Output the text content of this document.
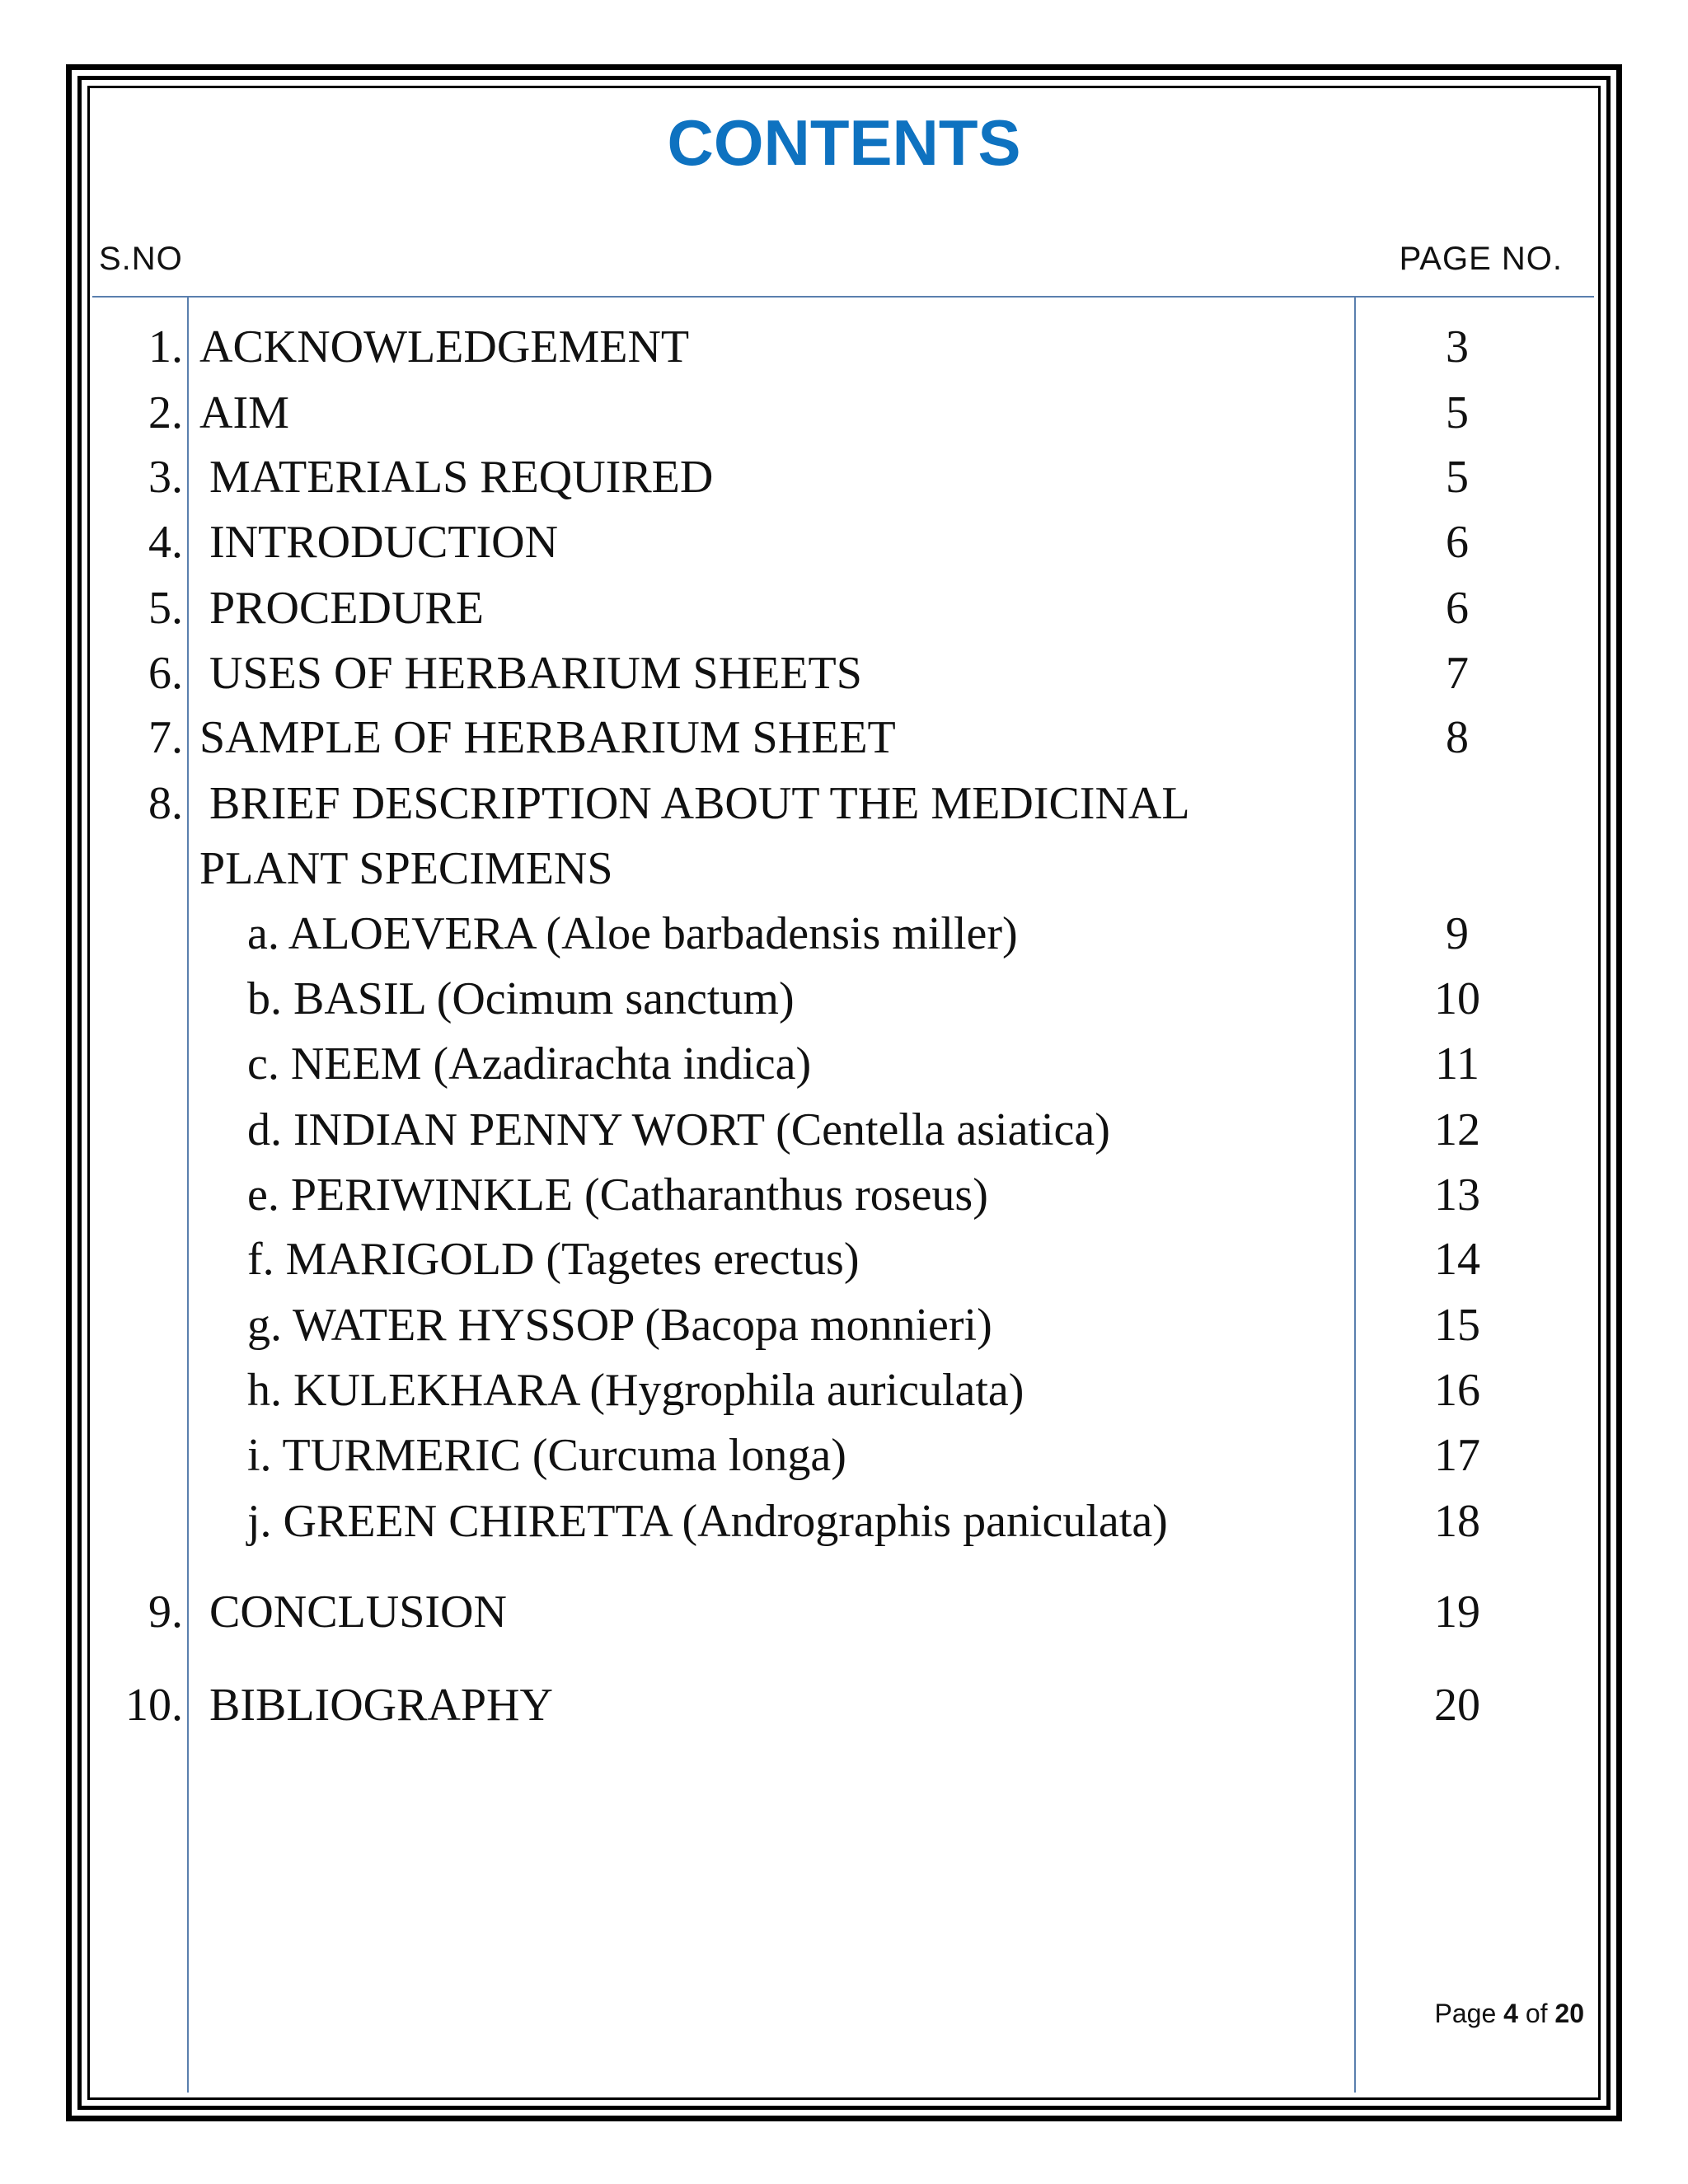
CONTENTS
S.NO	PAGE NO.
1. ACKNOWLEDGEMENT	3
2. AIM	5
3. MATERIALS REQUIRED	5
4. INTRODUCTION	6
5. PROCEDURE	6
6. USES OF HERBARIUM SHEETS	7
7. SAMPLE OF HERBARIUM SHEET	8
8. BRIEF DESCRIPTION ABOUT THE MEDICINAL
PLANT SPECIMENS
a. ALOEVERA (Aloe barbadensis miller)	9
b. BASIL (Ocimum sanctum)	10
c. NEEM (Azadirachta indica)	11
d. INDIAN PENNY WORT (Centella asiatica)	12
e. PERIWINKLE (Catharanthus roseus)	13
f. MARIGOLD (Tagetes erectus)	14
g. WATER HYSSOP (Bacopa monnieri)	15
h. KULEKHARA (Hygrophila auriculata)	16
i. TURMERIC (Curcuma longa)	17
j. GREEN CHIRETTA (Andrographis paniculata)	18
9. CONCLUSION	19
10. BIBLIOGRAPHY	20
Page 4 of 20
